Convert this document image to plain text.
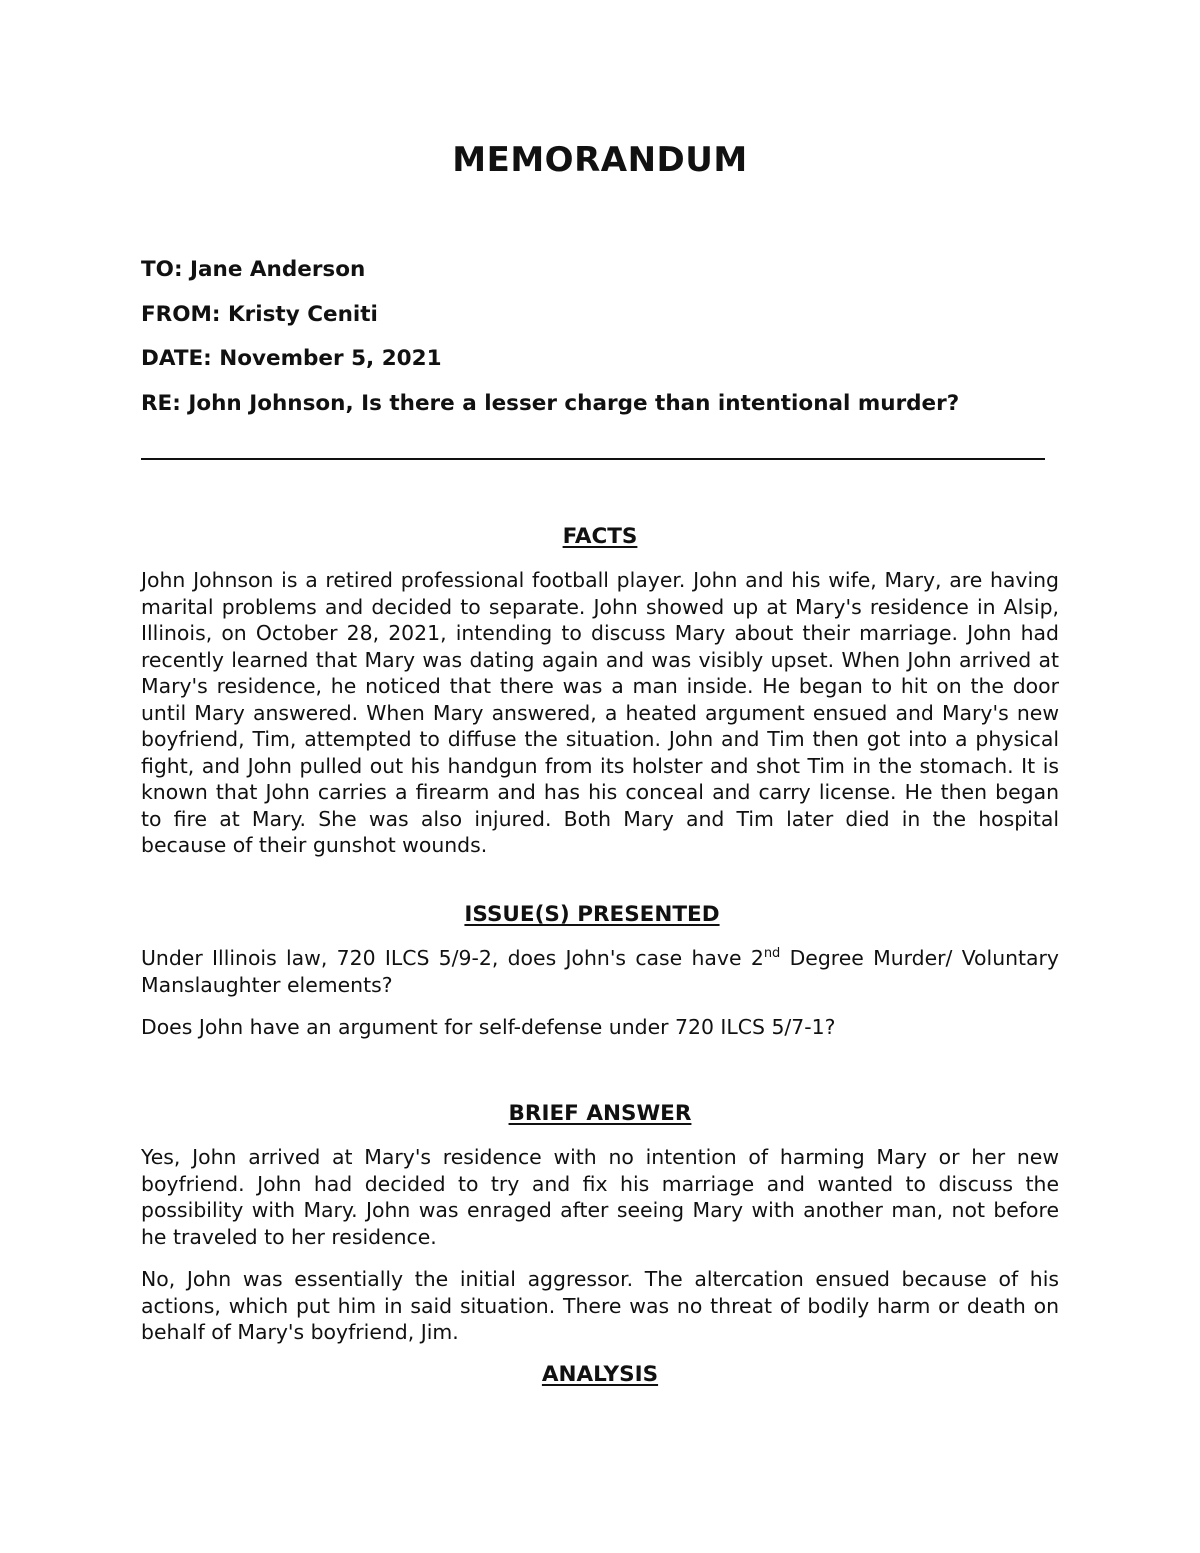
MEMORANDUM

TO: Jane Anderson

FROM: Kristy Ceniti

DATE: November 5, 2021

RE: John Johnson, Is there a lesser charge than intentional murder?

FACTS

John Johnson is a retired professional football player. John and his wife, Mary, are having marital problems and decided to separate. John showed up at Mary's residence in Alsip, Illinois, on October 28, 2021, intending to discuss Mary about their marriage. John had recently learned that Mary was dating again and was visibly upset. When John arrived at Mary's residence, he noticed that there was a man inside. He began to hit on the door until Mary answered. When Mary answered, a heated argument ensued and Mary's new boyfriend, Tim, attempted to diffuse the situation. John and Tim then got into a physical fight, and John pulled out his handgun from its holster and shot Tim in the stomach. It is known that John carries a firearm and has his conceal and carry license. He then began to fire at Mary. She was also injured. Both Mary and Tim later died in the hospital because of their gunshot wounds.

ISSUE(S) PRESENTED

Under Illinois law, 720 ILCS 5/9-2, does John's case have 2nd Degree Murder/ Voluntary Manslaughter elements?

Does John have an argument for self-defense under 720 ILCS 5/7-1?

BRIEF ANSWER

Yes, John arrived at Mary's residence with no intention of harming Mary or her new boyfriend. John had decided to try and fix his marriage and wanted to discuss the possibility with Mary. John was enraged after seeing Mary with another man, not before he traveled to her residence.

No, John was essentially the initial aggressor. The altercation ensued because of his actions, which put him in said situation. There was no threat of bodily harm or death on behalf of Mary's boyfriend, Jim.

ANALYSIS
